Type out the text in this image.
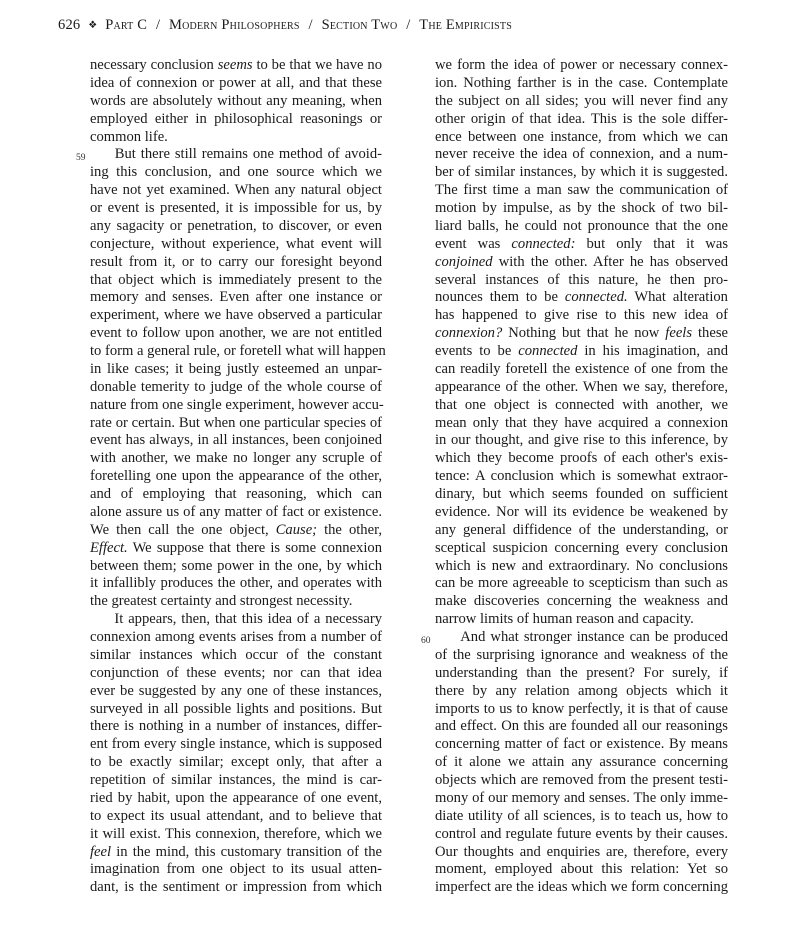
626 ❖ Part C / Modern Philosophers / Section Two / The Empiricists
necessary conclusion seems to be that we have no
idea of connexion or power at all, and that these
words are absolutely without any meaning, when
employed either in philosophical reasonings or
common life.
But there still remains one method of avoid-
59
ing this conclusion, and one source which we
have not yet examined. When any natural object
or event is presented, it is impossible for us, by
any sagacity or penetration, to discover, or even
conjecture, without experience, what event will
result from it, or to carry our foresight beyond
that object which is immediately present to the
memory and senses. Even after one instance or
experiment, where we have observed a particular
event to follow upon another, we are not entitled
to form a general rule, or foretell what will happen
in like cases; it being justly esteemed an unpar-
donable temerity to judge of the whole course of
nature from one single experiment, however accu-
rate or certain. But when one particular species of
event has always, in all instances, been conjoined
with another, we make no longer any scruple of
foretelling one upon the appearance of the other,
and of employing that reasoning, which can
alone assure us of any matter of fact or existence.
We then call the one object, Cause; the other,
Effect. We suppose that there is some connexion
between them; some power in the one, by which
it infallibly produces the other, and operates with
the greatest certainty and strongest necessity.
It appears, then, that this idea of a necessary
connexion among events arises from a number of
similar instances which occur of the constant
conjunction of these events; nor can that idea
ever be suggested by any one of these instances,
surveyed in all possible lights and positions. But
there is nothing in a number of instances, differ-
ent from every single instance, which is supposed
to be exactly similar; except only, that after a
repetition of similar instances, the mind is car-
ried by habit, upon the appearance of one event,
to expect its usual attendant, and to believe that
it will exist. This connexion, therefore, which we
feel in the mind, this customary transition of the
imagination from one object to its usual atten-
dant, is the sentiment or impression from which
we form the idea of power or necessary connex-
ion. Nothing farther is in the case. Contemplate
the subject on all sides; you will never find any
other origin of that idea. This is the sole differ-
ence between one instance, from which we can
never receive the idea of connexion, and a num-
ber of similar instances, by which it is suggested.
The first time a man saw the communication of
motion by impulse, as by the shock of two bil-
liard balls, he could not pronounce that the one
event was connected: but only that it was
conjoined with the other. After he has observed
several instances of this nature, he then pro-
nounces them to be connected. What alteration
has happened to give rise to this new idea of
connexion? Nothing but that he now feels these
events to be connected in his imagination, and
can readily foretell the existence of one from the
appearance of the other. When we say, therefore,
that one object is connected with another, we
mean only that they have acquired a connexion
in our thought, and give rise to this inference, by
which they become proofs of each other's exis-
tence: A conclusion which is somewhat extraor-
dinary, but which seems founded on sufficient
evidence. Nor will its evidence be weakened by
any general diffidence of the understanding, or
sceptical suspicion concerning every conclusion
which is new and extraordinary. No conclusions
can be more agreeable to scepticism than such as
make discoveries concerning the weakness and
narrow limits of human reason and capacity.
And what stronger instance can be produced
60
of the surprising ignorance and weakness of the
understanding than the present? For surely, if
there by any relation among objects which it
imports to us to know perfectly, it is that of cause
and effect. On this are founded all our reasonings
concerning matter of fact or existence. By means
of it alone we attain any assurance concerning
objects which are removed from the present testi-
mony of our memory and senses. The only imme-
diate utility of all sciences, is to teach us, how to
control and regulate future events by their causes.
Our thoughts and enquiries are, therefore, every
moment, employed about this relation: Yet so
imperfect are the ideas which we form concerning
